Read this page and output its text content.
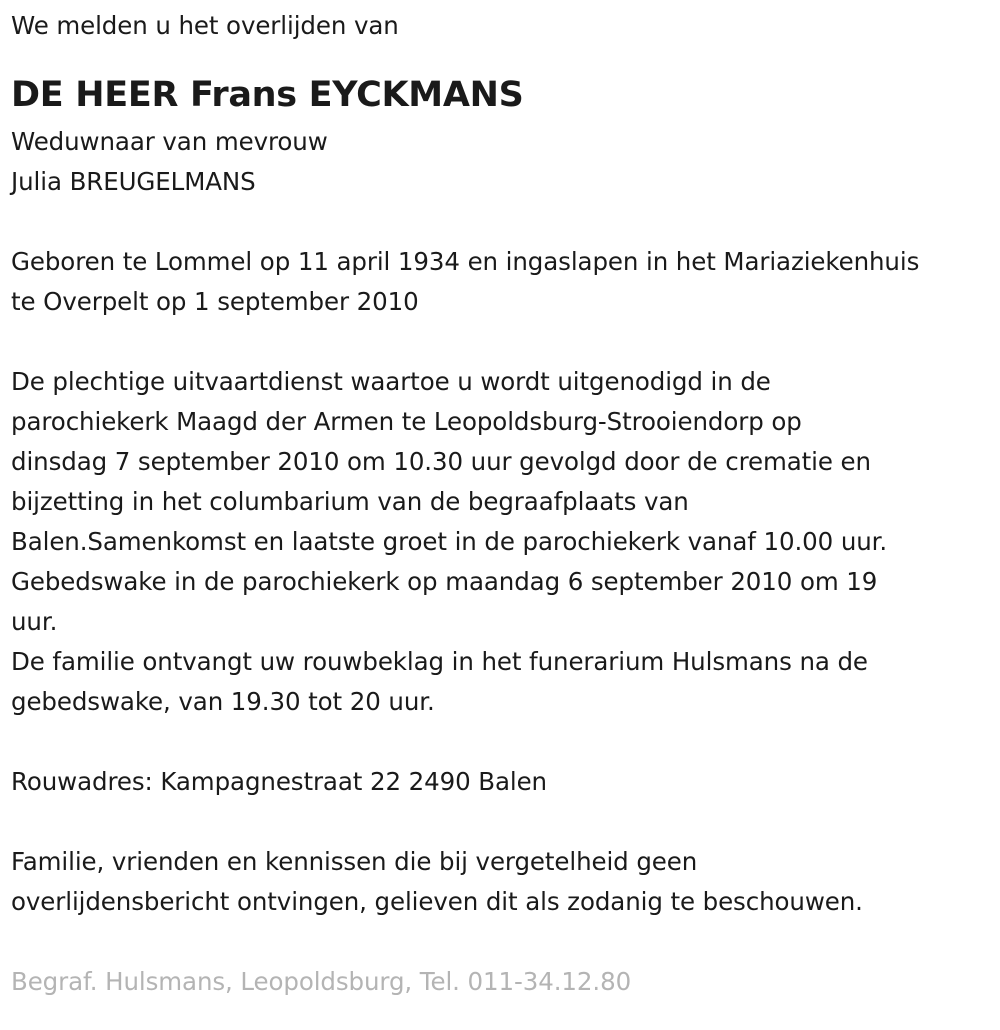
We melden u het overlijden van
DE HEER Frans EYCKMANS
Weduwnaar van mevrouw
Julia BREUGELMANS
Geboren te Lommel op 11 april 1934 en ingaslapen in het Mariaziekenhuis
te Overpelt op 1 september 2010
De plechtige uitvaartdienst waartoe u wordt uitgenodigd in de
parochiekerk Maagd der Armen te Leopoldsburg-Strooiendorp op
dinsdag 7 september 2010 om 10.30 uur gevolgd door de crematie en
bijzetting in het columbarium van de begraafplaats van
Balen.Samenkomst en laatste groet in de parochiekerk vanaf 10.00 uur.
Gebedswake in de parochiekerk op maandag 6 september 2010 om 19
uur.
De familie ontvangt uw rouwbeklag in het funerarium Hulsmans na de
gebedswake, van 19.30 tot 20 uur.
Rouwadres: Kampagnestraat 22 2490 Balen
Familie, vrienden en kennissen die bij vergetelheid geen
overlijdensbericht ontvingen, gelieven dit als zodanig te beschouwen.
Begraf. Hulsmans, Leopoldsburg, Tel. 011-34.12.80
